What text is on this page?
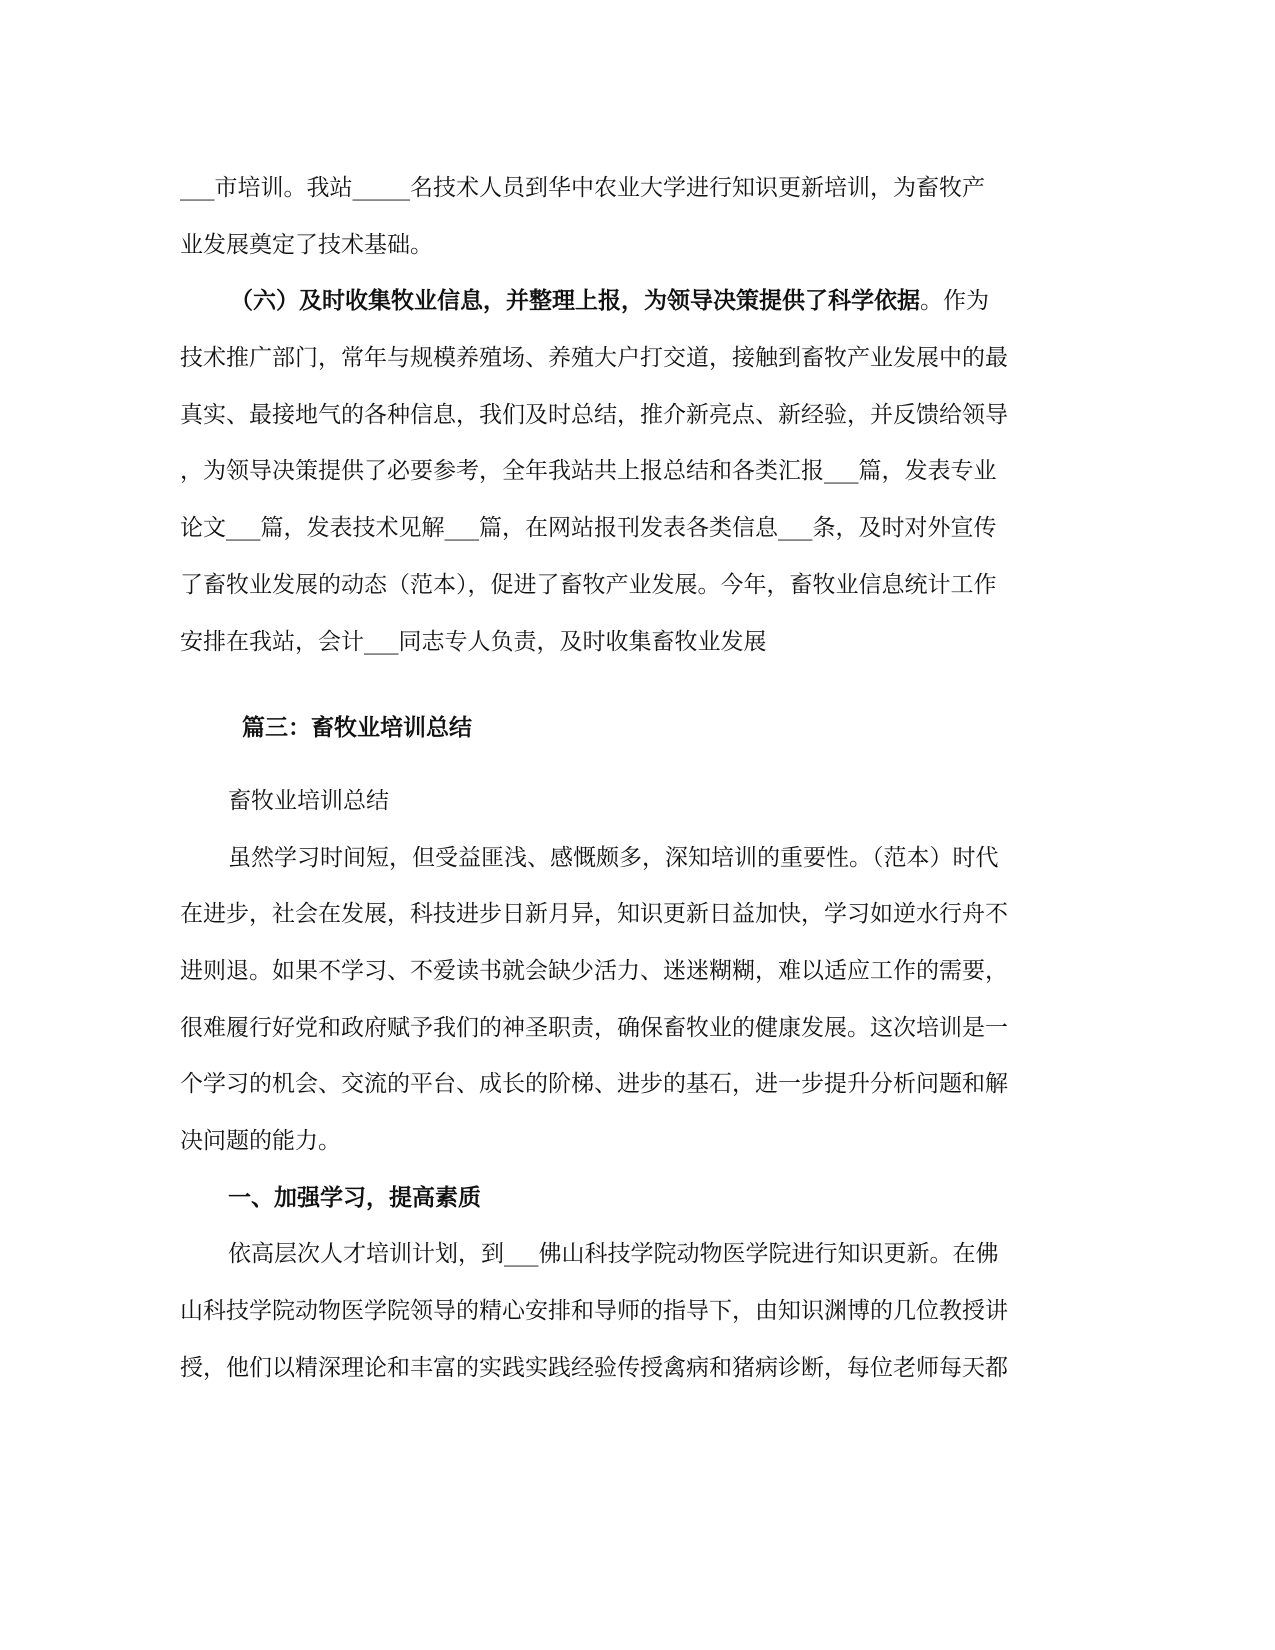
___市培训。我站_____名技术人员到华中农业大学进行知识更新培训，为畜牧产
业发展奠定了技术基础。
（六）及时收集牧业信息，并整理上报，为领导决策提供了科学依据。作为
技术推广部门，常年与规模养殖场、养殖大户打交道，接触到畜牧产业发展中的最
真实、最接地气的各种信息，我们及时总结，推介新亮点、新经验，并反馈给领导
，为领导决策提供了必要参考，全年我站共上报总结和各类汇报___篇，发表专业
论文___篇，发表技术见解___篇，在网站报刊发表各类信息___条，及时对外宣传
了畜牧业发展的动态（范本），促进了畜牧产业发展。今年，畜牧业信息统计工作
安排在我站，会计___同志专人负责，及时收集畜牧业发展
篇三：畜牧业培训总结
畜牧业培训总结
虽然学习时间短，但受益匪浅、感慨颇多，深知培训的重要性。（范本）时代
在进步，社会在发展，科技进步日新月异，知识更新日益加快，学习如逆水行舟不
进则退。如果不学习、不爱读书就会缺少活力、迷迷糊糊，难以适应工作的需要，
很难履行好党和政府赋予我们的神圣职责，确保畜牧业的健康发展。这次培训是一
个学习的机会、交流的平台、成长的阶梯、进步的基石，进一步提升分析问题和解
决问题的能力。
一、加强学习，提高素质
依高层次人才培训计划，到___佛山科技学院动物医学院进行知识更新。在佛
山科技学院动物医学院领导的精心安排和导师的指导下，由知识渊博的几位教授讲
授，他们以精深理论和丰富的实践实践经验传授禽病和猪病诊断，每位老师每天都
